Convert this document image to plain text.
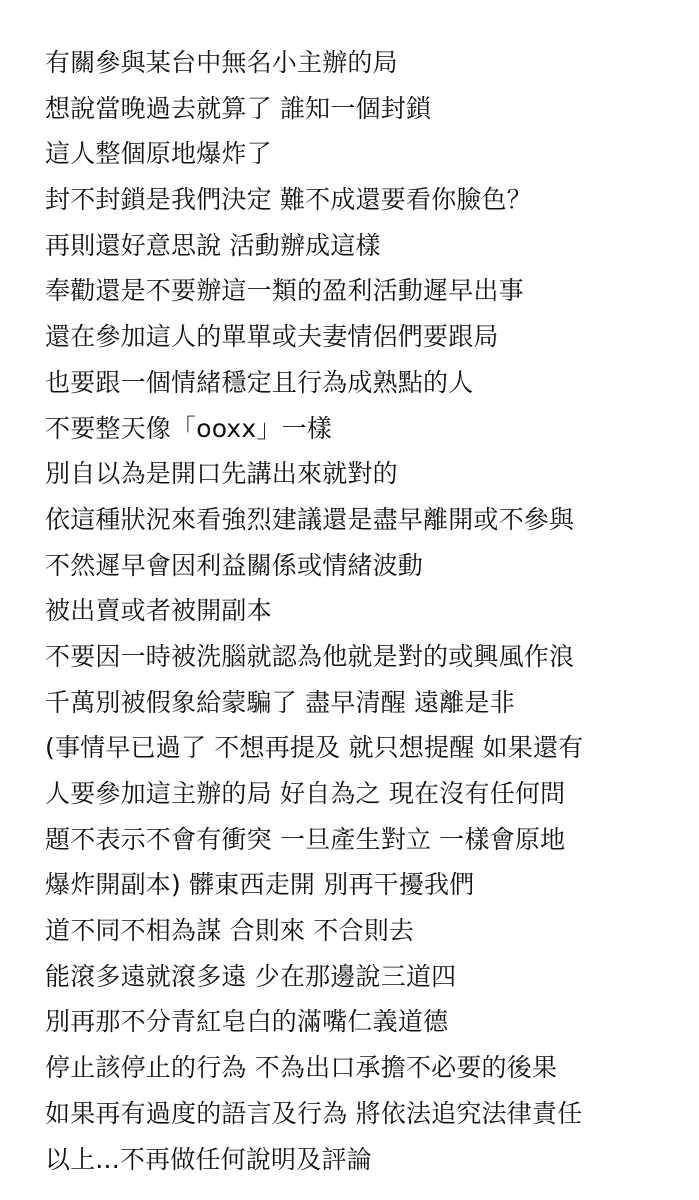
有關參與某台中無名小主辦的局
想說當晚過去就算了 誰知一個封鎖
這人整個原地爆炸了
封不封鎖是我們決定 難不成還要看你臉色？
再則還好意思說 活動辦成這樣
奉勸還是不要辦這一類的盈利活動遲早出事
還在參加這人的單單或夫妻情侶們要跟局
也要跟一個情緒穩定且行為成熟點的人
不要整天像「ooxx」一樣
別自以為是開口先講出來就對的
依這種狀況來看強烈建議還是盡早離開或不參與
不然遲早會因利益關係或情緒波動
被出賣或者被開副本
不要因一時被洗腦就認為他就是對的或興風作浪
千萬別被假象給蒙騙了 盡早清醒 遠離是非
(事情早已過了 不想再提及 就只想提醒 如果還有
人要參加這主辦的局 好自為之 現在沒有任何問
題不表示不會有衝突 一旦產生對立 一樣會原地
爆炸開副本) 髒東西走開 別再干擾我們
道不同不相為謀 合則來 不合則去
能滾多遠就滾多遠 少在那邊說三道四
別再那不分青紅皂白的滿嘴仁義道德
停止該停止的行為 不為出口承擔不必要的後果
如果再有過度的語言及行為 將依法追究法律責任
以上...不再做任何說明及評論
